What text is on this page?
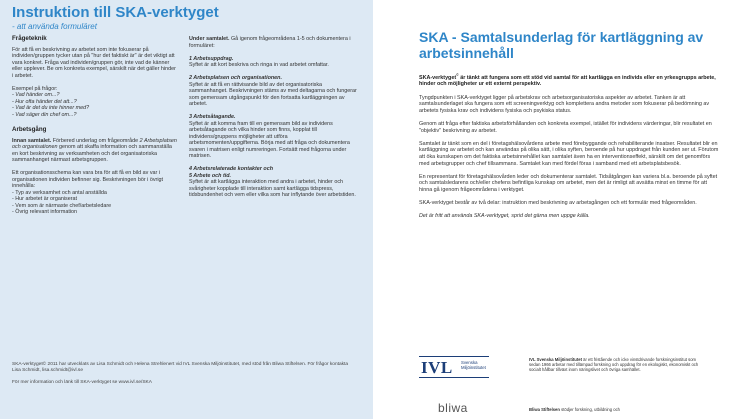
Instruktion till SKA-verktyget
- att använda formuläret
Frågeteknik

För att få en beskrivning av arbetet som inte fokuserar på individen/gruppen tycker utan på "hur det faktiskt är" är det viktigt att vara konkret. Fråga vad individen/gruppen gör, inte vad de känner eller upplever. Be om konkreta exempel, särskilt när det gäller hinder i arbetet.

Exempel på frågor:
- Vad händer om...?
- Hur ofta händer det att...?
- Vad är det du inte hinner med?
- Vad säger din chef om...?

Arbetsgång

Innan samtalet. Förbered underlag om frågeområde 2 Arbetsplatsen och organisationen genom att skaffa information och sammanställa en kort beskrivning av verksamheten och det organisatoriska sammanhanget närmast arbetsgruppen.

Ett organisationsschema kan vara bra för att få en bild av var i organisationen individen befinner sig. Beskrivningen bör i övrigt innehålla:
- Typ av verksamhet och antal anställda
- Hur arbetet är organiserat
- Vem som är närmaste chef/arbetsledare
- Övrig relevant information

Under samtalet. Gå igenom frågeområdena 1-5 och dokumentera i formuläret:

1 Arbetsuppdrag.
Syftet är att kort beskriva och ringa in vad arbetet omfattar.

2 Arbetsplatsen och organisationen.
Syftet är att få en rättvisande bild av det organisatoriska sammanhanget. Beskrivningen stäms av med deltagarna och fungerar som gemensam utgångspunkt för den fortsatta kartläggningen av arbetet.

3 Arbetsåtagande.
Syftet är att komma fram till en gemensam bild av individens arbetsåtagande och vilka hinder som finns, kopplat till individens/gruppens möjligheter att utföra arbetsmomenten/uppgifterna. Börja med att fråga och dokumentera svaren i matrisen enligt numreringen. Fortsätt med frågorna under matrisen.

4 Arbetsrelaterade kontakter och
5 Arbete och tid.
Syftet är att kartlägga interaktion med andra i arbetet, hinder och svårigheter kopplade till interaktion samt kartlägga tidspress, tidsbundenhet och vem eller vilka som har inflytande över arbetstiden.

SKA-verktyget© 2011 har utvecklats av Lisa Schmidt och Helena Strehlenert vid IVL Svenska Miljöinstitutet, med stöd från Bliwa Stiftelsen. För frågor kontakta Lisa Schmidt, lisa.schmidt@ivl.se

För mer information och länk till SKA-verktyget se www.ivl.se/SKA

SKA - Samtalsunderlag för kartläggning av arbetsinnehåll

SKA-verktyget© är tänkt att fungera som ett stöd vid samtal för att kartlägga en individs eller en yrkesgrupps arbete, hinder och möjligheter ur ett externt perspektiv.

Tyngdpunkten i SKA-verktyget ligger på arbetskrav och arbetsorganisatoriska aspekter av arbetet. Tanken är att samtalsunderlaget ska fungera som ett screeningverktyg och komplettera andra metoder som fokuserar på bedömning av arbetets fysiska krav och individens fysiska och psykiska status.

Genom att fråga efter faktiska arbetsförhållanden och konkreta exempel, istället för individens värderingar, blir resultatet en "objektiv" beskrivning av arbetet.

Samtalet är tänkt som en del i företagshälsovårdens arbete med förebyggande och rehabiliterande insatser. Resultatet blir en kartläggning av arbetet och kan användas på olika sätt, i olika syften, beroende på hur uppdraget från kunden ser ut. Förutom att öka kunskapen om det faktiska arbetsinnehållet kan samtalet även ha en interventionseffekt, särskilt om det genomförs med arbetsgrupper och chef tillsammans. Samtalet kan med fördel föras i samband med ett arbetsplatsbesök.

En representant för företagshälsovården leder och dokumenterar samtalet. Tidsåtgången kan variera bl.a. beroende på syftet och samtalsledarens och/eller chefens befintliga kunskap om arbetet, men det är rimligt att avsätta minst en timme för att hinna gå igenom frågeområdena i verktyget.

SKA-verktyget består av två delar: instruktion med beskrivning av arbetsgången och ett formulär med frågeområden.

Det är fritt att använda SKA-verktyget, sprid det gärna men uppge källa.

IVL Svenska Miljöinstitutet
IVL Svenska Miljöinstitutet är ett fristående och icke vinstdrivande forskningsinstitut som sedan 1966 arbetar med tillämpad forskning och uppdrag för en ekologiskt, ekonomiskt och socialt hållbar tillväxt inom näringslivet och övriga samhället.
bliwa	Bliwa Stiftelsen stödjer forskning, utbildning och
